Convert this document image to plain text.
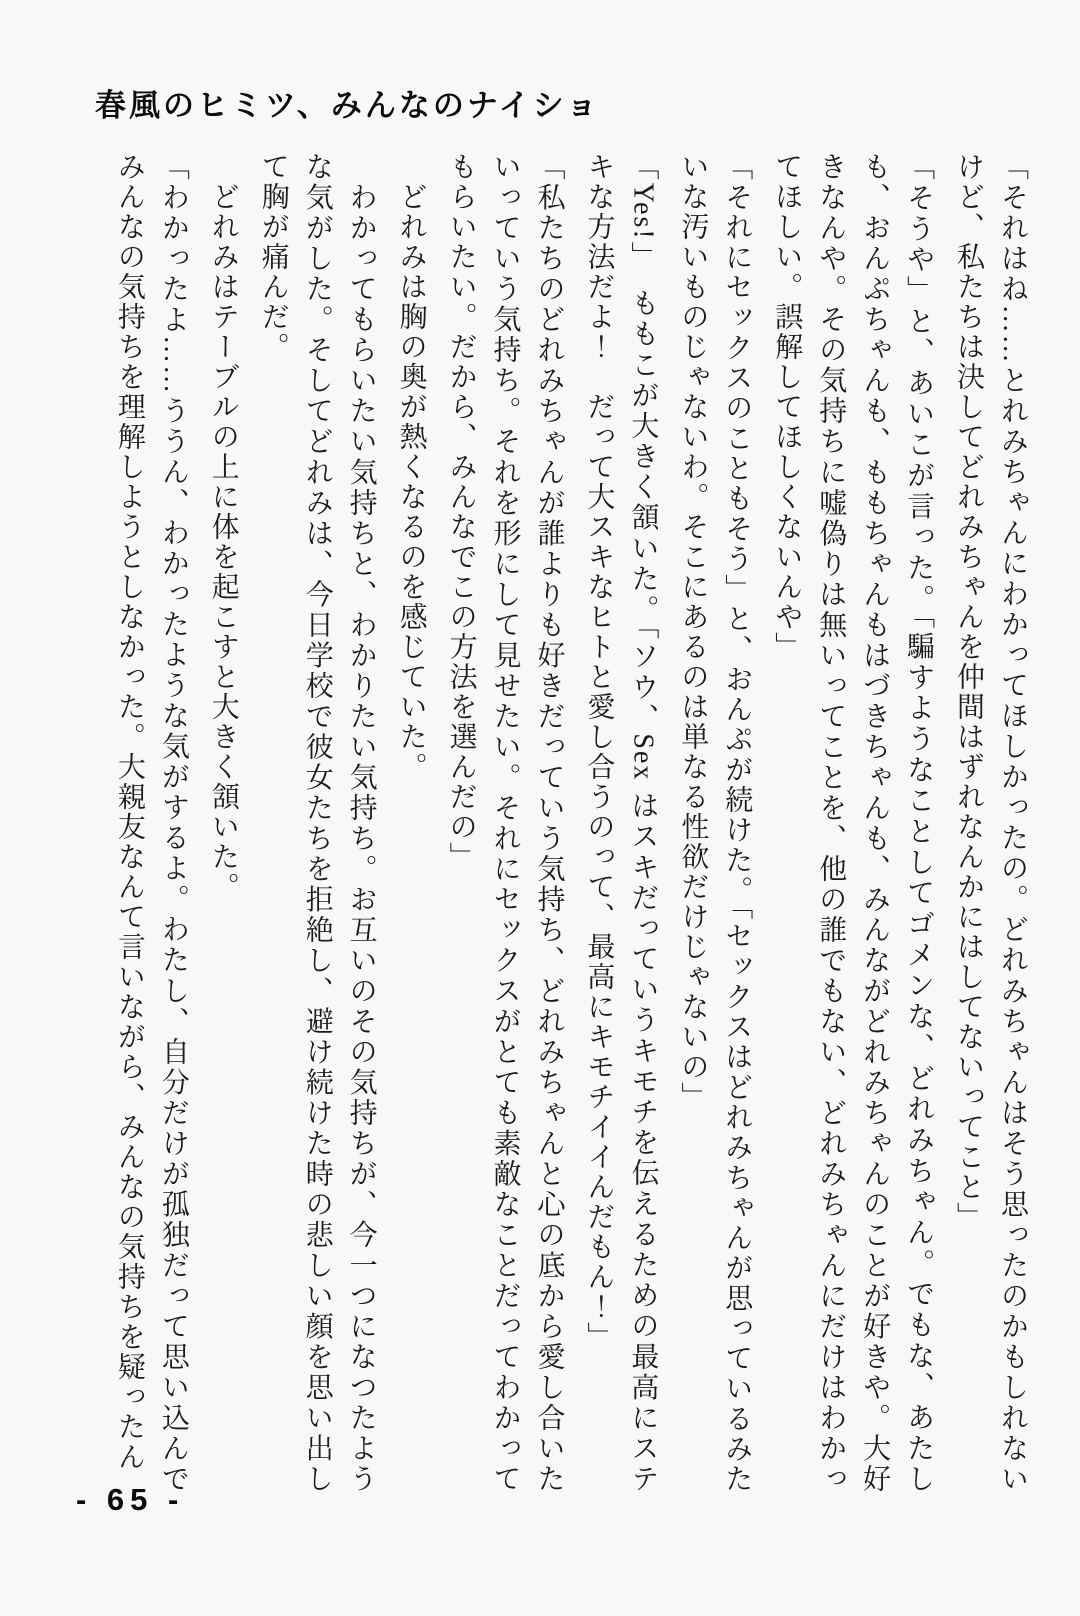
春風のヒミツ、みんなのナイショ

「それはね……とれみちゃんにわかってほしかったの。どれみちゃんはそう思ったのかもしれないけど、私たちは決してどれみちゃんを仲間はずれなんかにはしてないってこと」

「そうや」と、あいこが言った。「騙すようなことしてゴメンな、どれみちゃん。でもな、あたしも、おんぷちゃんも、ももちゃんもはづきちゃんも、みんながどれみちゃんのことが好きや。大好きなんや。その気持ちに嘘偽りは無いってことを、他の誰でもない、どれみちゃんにだけはわかってほしい。誤解してほしくないんや」

「それにセックスのこともそう」と、おんぷが続けた。「セックスはどれみちゃんが思っているみたいな汚いものじゃないわ。そこにあるのは単なる性欲だけじゃないの」

「Yes!」　ももこが大きく頷いた。「ソウ、Sex はスキだっていうキモチを伝えるための最高にステキな方法だよ！　だって大スキなヒトと愛し合うのって、最高にキモチイイんだもん！」

「私たちのどれみちゃんが誰よりも好きだっていう気持ち、どれみちゃんと心の底から愛し合いたいっていう気持ち。それを形にして見せたい。それにセックスがとても素敵なことだってわかってもらいたい。だから、みんなでこの方法を選んだの」

　どれみは胸の奥が熱くなるのを感じていた。

　わかってもらいたい気持ちと、わかりたい気持ち。お互いのその気持ちが、今一つになつたような気がした。そしてどれみは、今日学校で彼女たちを拒絶し、避け続けた時の悲しい顔を思い出して胸が痛んだ。

　どれみはテーブルの上に体を起こすと大きく頷いた。

「わかったよ……ううん、わかったような気がするよ。わたし、自分だけが孤独だって思い込んでみんなの気持ちを理解しようとしなかった。大親友なんて言いながら、みんなの気持ちを疑ったん

- 65 -
